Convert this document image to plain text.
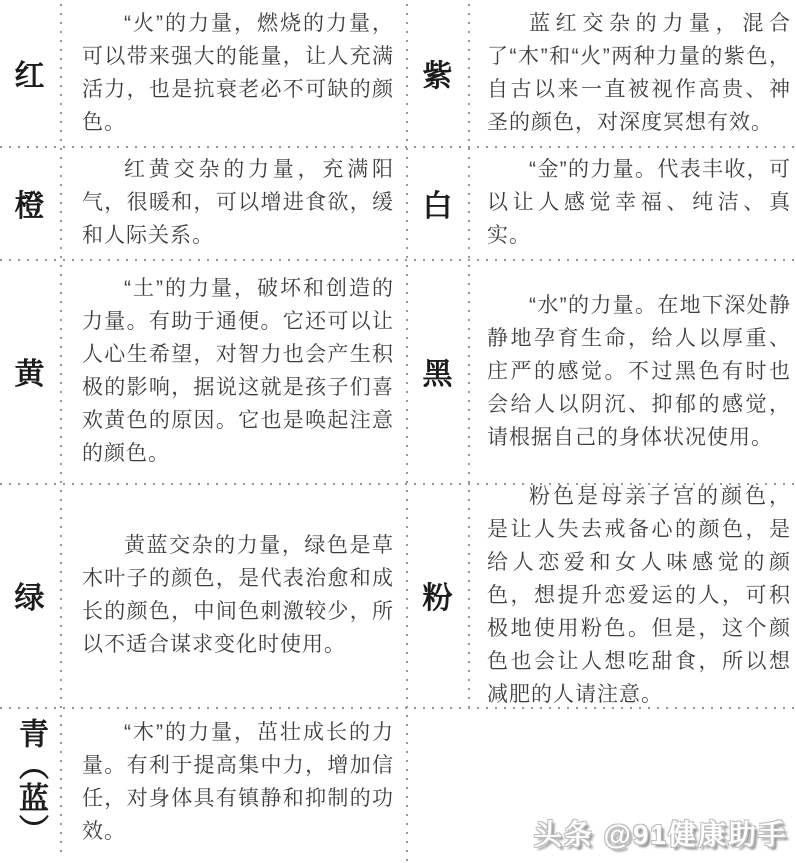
红

“火”的力量，燃烧的力量，可以带来强大的能量，让人充满活力，也是抗衰老必不可缺的颜色。

紫

蓝红交杂的力量，混合了“木”和“火”两种力量的紫色，自古以来一直被视作高贵、神圣的颜色，对深度冥想有效。

橙

红黄交杂的力量，充满阳气，很暖和，可以增进食欲，缓和人际关系。

白

“金”的力量。代表丰收，可以让人感觉幸福、纯洁、真实。

黄

“土”的力量，破坏和创造的力量。有助于通便。它还可以让人心生希望，对智力也会产生积极的影响，据说这就是孩子们喜欢黄色的原因。它也是唤起注意的颜色。

黑

“水”的力量。在地下深处静静地孕育生命，给人以厚重、庄严的感觉。不过黑色有时也会给人以阴沉、抑郁的感觉，请根据自己的身体状况使用。

绿

黄蓝交杂的力量，绿色是草木叶子的颜色，是代表治愈和成长的颜色，中间色刺激较少，所以不适合谋求变化时使用。

粉

粉色是母亲子宫的颜色，是让人失去戒备心的颜色，是给人恋爱和女人味感觉的颜色，想提升恋爱运的人，可积极地使用粉色。但是，这个颜色也会让人想吃甜食，所以想减肥的人请注意。

青（蓝）	“木”的力量，茁壮成长的力量。有利于提高集中力，增加信任，对身体具有镇静和抑制的功效。	头条 @91健康助手
